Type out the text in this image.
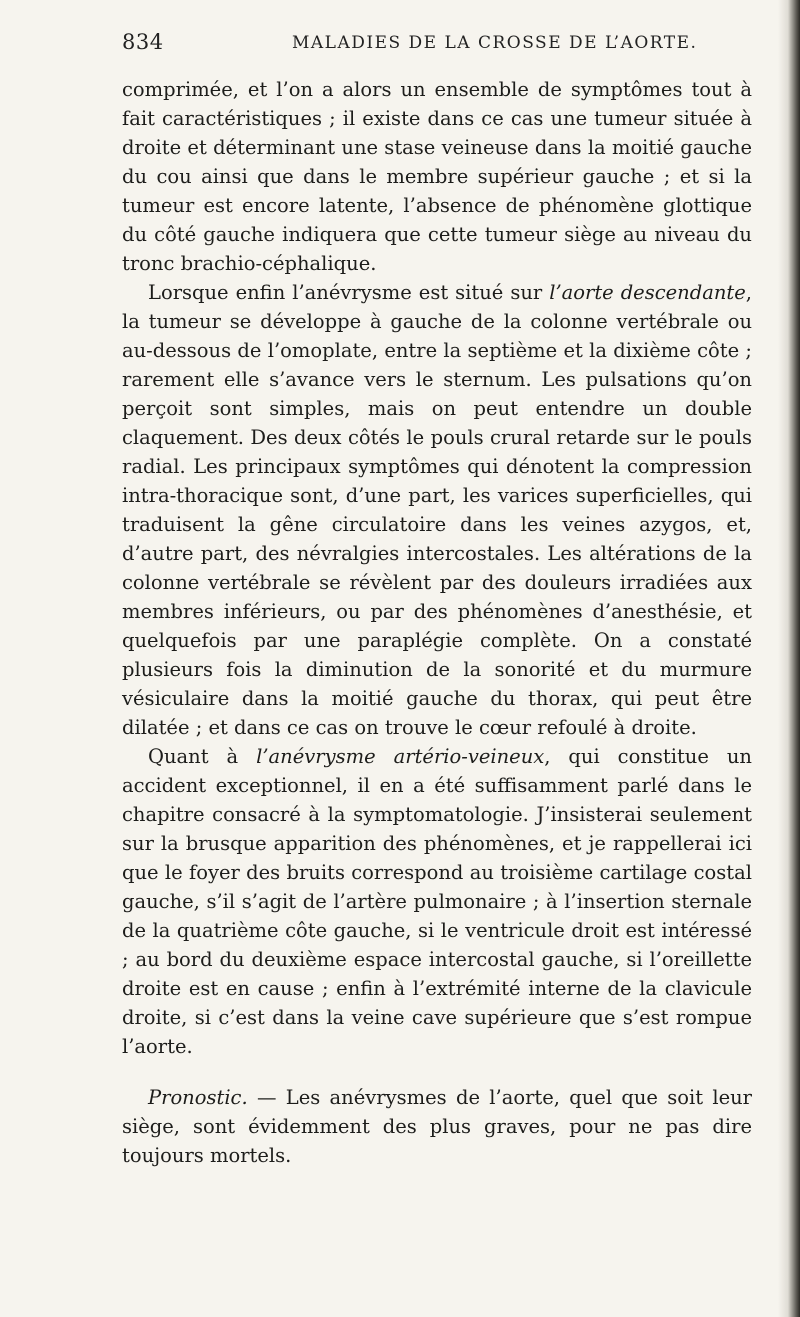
834	MALADIES DE LA CROSSE DE L’AORTE.

comprimée, et l’on a alors un ensemble de symptômes tout à fait caractéristiques ; il existe dans ce cas une tumeur située à droite et déterminant une stase veineuse dans la moitié gauche du cou ainsi que dans le membre supérieur gauche ; et si la tumeur est encore latente, l’absence de phénomène glottique du côté gauche indiquera que cette tumeur siège au niveau du tronc brachio-céphalique.

Lorsque enfin l’anévrysme est situé sur l’aorte descendante, la tumeur se développe à gauche de la colonne vertébrale ou au-dessous de l’omoplate, entre la septième et la dixième côte ; rarement elle s’avance vers le sternum. Les pulsations qu’on perçoit sont simples, mais on peut entendre un double claquement. Des deux côtés le pouls crural retarde sur le pouls radial. Les principaux symptômes qui dénotent la compression intra-thoracique sont, d’une part, les varices superficielles, qui traduisent la gêne circulatoire dans les veines azygos, et, d’autre part, des névralgies intercostales. Les altérations de la colonne vertébrale se révèlent par des douleurs irradiées aux membres inférieurs, ou par des phénomènes d’anesthésie, et quelquefois par une paraplégie complète. On a constaté plusieurs fois la diminution de la sonorité et du murmure vésiculaire dans la moitié gauche du thorax, qui peut être dilatée ; et dans ce cas on trouve le cœur refoulé à droite.

Quant à l’anévrysme artério-veineux, qui constitue un accident exceptionnel, il en a été suffisamment parlé dans le chapitre consacré à la symptomatologie. J’insisterai seulement sur la brusque apparition des phénomènes, et je rappellerai ici que le foyer des bruits correspond au troisième cartilage costal gauche, s’il s’agit de l’artère pulmonaire ; à l’insertion sternale de la quatrième côte gauche, si le ventricule droit est intéressé ; au bord du deuxième espace intercostal gauche, si l’oreillette droite est en cause ; enfin à l’extrémité interne de la clavicule droite, si c’est dans la veine cave supérieure que s’est rompue l’aorte.

Pronostic. — Les anévrysmes de l’aorte, quel que soit leur siège, sont évidemment des plus graves, pour ne pas dire toujours mortels.
